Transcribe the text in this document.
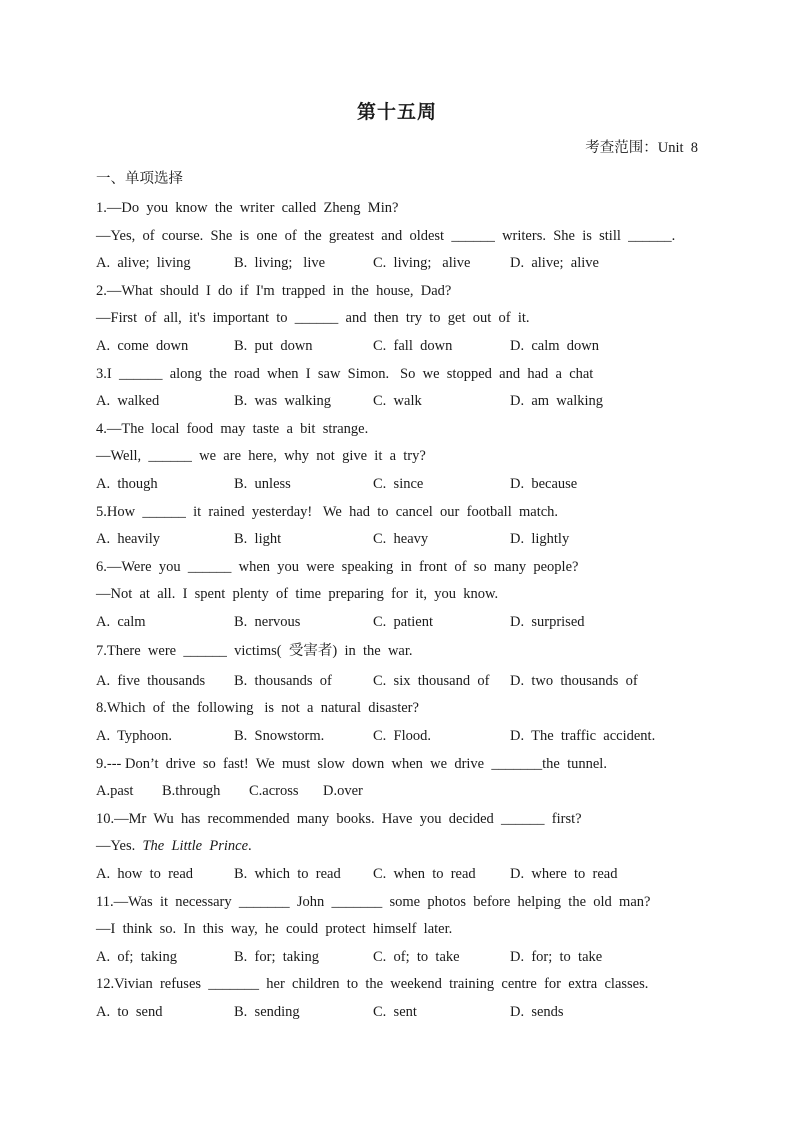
第十五周
考查范围：Unit  8
一、单项选择
1.—Do  you  know  the  writer  called  Zheng  Min?
—Yes,  of  course.  She  is  one  of  the  greatest  and  oldest  ______  writers.  She  is  still  ______.
A.  alive;  living	B.  living;   live	C.  living;   alive	D.  alive;  alive
2.—What  should  I  do  if  I'm  trapped  in  the  house,  Dad?
—First  of  all,  it's  important  to  ______  and  then  try  to  get  out  of  it.
A.  come  down	B.  put  down	C.  fall  down	D.  calm  down
3.I  ______  along  the  road  when  I  saw  Simon.   So  we  stopped  and  had  a  chat
A.  walked	B.  was  walking	C.  walk	D.  am  walking
4.—The  local  food  may  taste  a  bit  strange.
—Well,  ______  we  are  here,  why  not  give  it  a  try?
A.  though	B.  unless	C.  since	D.  because
5.How  ______  it  rained  yesterday!   We  had  to  cancel  our  football  match.
A.  heavily	B.  light	C.  heavy	D.  lightly
6.—Were  you  ______  when  you  were  speaking  in  front  of  so  many  people?
—Not  at  all.  I  spent  plenty  of  time  preparing  for  it,  you  know.
A.  calm	B.  nervous	C.  patient	D.  surprised
7.There  were  ______  victims(  受害者)  in  the  war.
A.  five  thousands B.  thousands  of	C.  six  thousand  of D.  two  thousands  of
8.Which  of  the  following   is  not  a  natural  disaster?
A.  Typhoon.	B.  Snowstorm.	C.  Flood.	D.  The  traffic  accident.
9.--- Don’t  drive  so  fast!  We  must  slow  down  when  we  drive  _______the  tunnel.
A.past B.through C.across D.over
10.—Mr  Wu  has  recommended  many  books.  Have  you  decided  ______  first?
—Yes.  The  Little  Prince.
A.  how  to  read	B.  which  to  read C.  when  to  read D.  where  to  read
11.—Was  it  necessary  _______  John  _______  some  photos  before  helping  the  old  man?
—I  think  so.  In  this  way,  he  could  protect  himself  later.
A.  of;  taking	B.  for;  taking	C.  of;  to  take	D.  for;  to  take
12.Vivian  refuses  _______  her  children  to  the  weekend  training  centre  for  extra  classes.
A.  to  send	B.  sending	C.  sent	D.  sends
